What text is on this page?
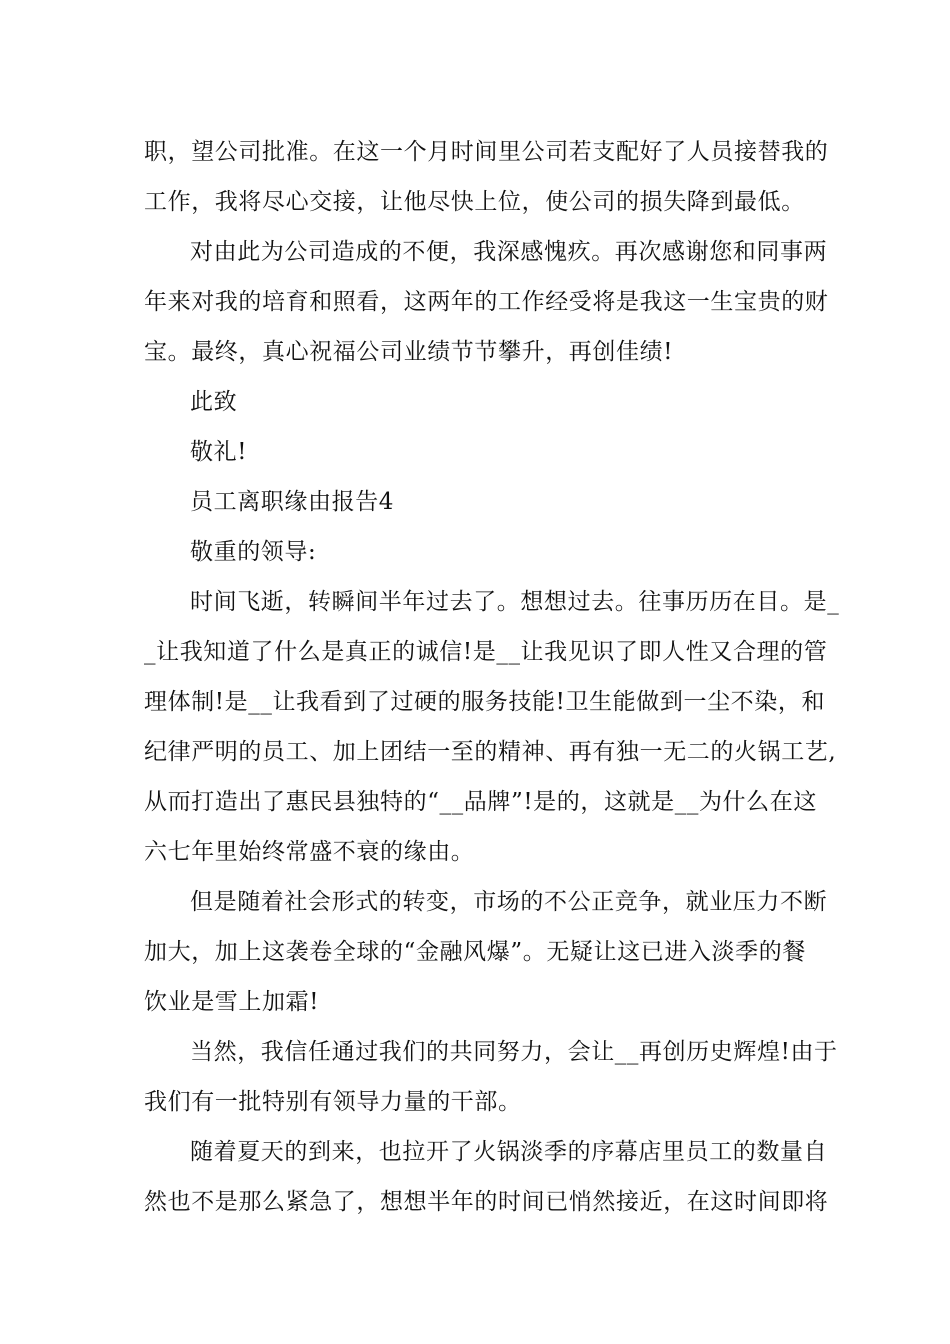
职，望公司批准。在这一个月时间里公司若支配好了人员接替我的
工作，我将尽心交接，让他尽快上位，使公司的损失降到最低。
对由此为公司造成的不便，我深感愧疚。再次感谢您和同事两
年来对我的培育和照看，这两年的工作经受将是我这一生宝贵的财
宝。最终，真心祝福公司业绩节节攀升，再创佳绩!
此致
敬礼!
员工离职缘由报告4
敬重的领导:
时间飞逝，转瞬间半年过去了。想想过去。往事历历在目。是_
_让我知道了什么是真正的诚信!是__让我见识了即人性又合理的管
理体制!是__让我看到了过硬的服务技能!卫生能做到一尘不染，和
纪律严明的员工、加上团结一至的精神、再有独一无二的火锅工艺,
从而打造出了惠民县独特的“__品牌”!是的，这就是__为什么在这
六七年里始终常盛不衰的缘由。
但是随着社会形式的转变，市场的不公正竞争，就业压力不断
加大，加上这袭卷全球的“金融风爆”。无疑让这已进入淡季的餐
饮业是雪上加霜!
当然，我信任通过我们的共同努力，会让__再创历史辉煌!由于
我们有一批特别有领导力量的干部。
随着夏天的到来，也拉开了火锅淡季的序幕店里员工的数量自
然也不是那么紧急了，想想半年的时间已悄然接近，在这时间即将
